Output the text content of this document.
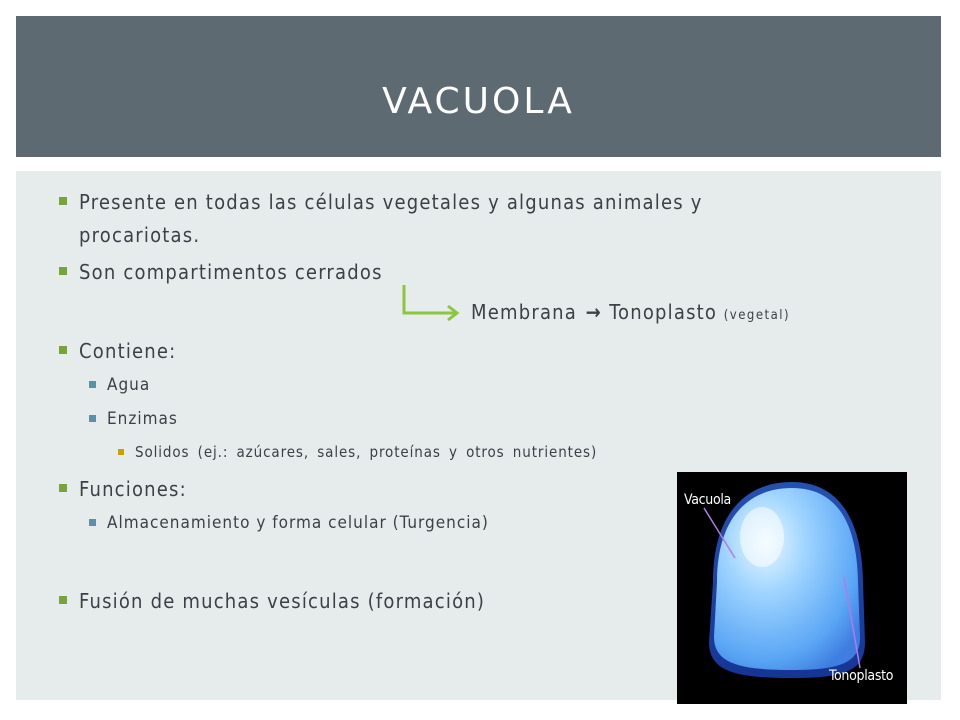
VACUOLA
Presente en todas las células vegetales y algunas animales y
procariotas.
Son compartimentos cerrados
Membrana → Tonoplasto (vegetal)
Contiene:
Agua
Enzimas
Solidos (ej.: azúcares, sales, proteínas y otros nutrientes)
Funciones:
Almacenamiento y forma celular (Turgencia)
Fusión de muchas vesículas (formación)
Vacuola
Tonoplasto
